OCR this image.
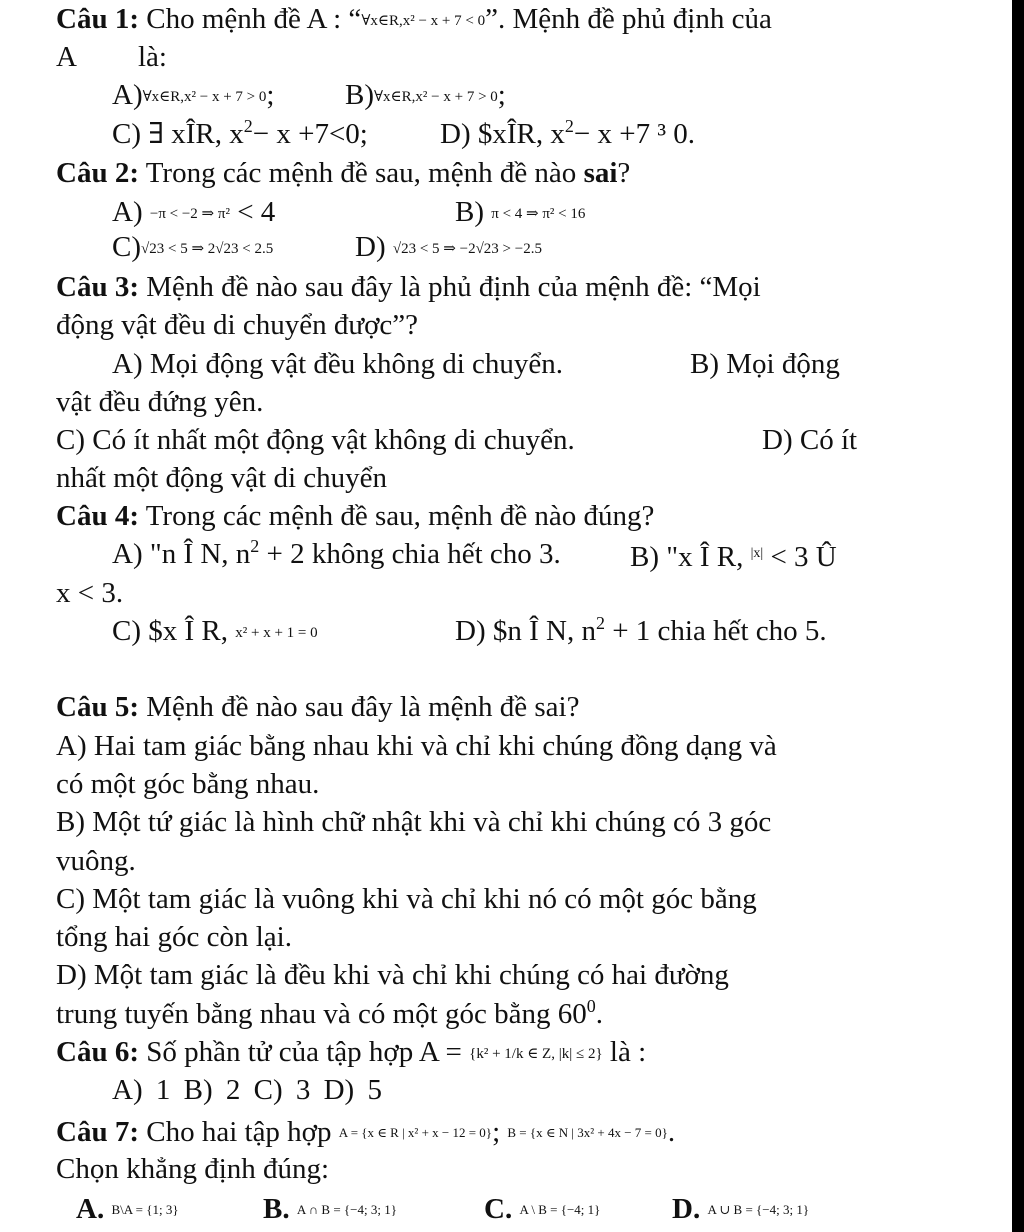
Câu 1: Cho mệnh đề A : “∀x∈R,x² − x + 7 < 0”. Mệnh đề phủ định của
A là:
A)∀x∈R,x² − x + 7 > 0; B)∀x∈R,x² − x + 7 > 0;
C) ∃ xÎR, $x^2- x +7<0$; D) $xÎR, $x^2- x +7$ ³ 0.
Câu 2: Trong các mệnh đề sau, mệnh đề nào sai?
A) −π < −2 ⇒ π² < 4	B) π < 4 ⇒ π² < 16
C)√23 < 5 ⇒ 2√23 < 2.5	D) √23 < 5 ⇒ −2√23 > −2.5
Câu 3: Mệnh đề nào sau đây là phủ định của mệnh đề: “Mọi
động vật đều di chuyển được”?
A) Mọi động vật đều không di chuyển.	B) Mọi động
vật đều đứng yên.
C) Có ít nhất một động vật không di chuyển.	D) Có ít
nhất một động vật di chuyển
Câu 4: Trong các mệnh đề sau, mệnh đề nào đúng?
A) "n Î N, $n^2 + 2$ không chia hết cho 3. B) "x Î R, $^{|x|}$ < 3 Û
x < 3.
C) $x Î R, x² + x + 1 = 0	D) $n Î N, $n^2 + 1$ chia hết cho 5.
Câu 5: Mệnh đề nào sau đây là mệnh đề sai?
A) Hai tam giác bằng nhau khi và chỉ khi chúng đồng dạng và
có một góc bằng nhau.
B) Một tứ giác là hình chữ nhật khi và chỉ khi chúng có 3 góc
vuông.
C) Một tam giác là vuông khi và chỉ khi nó có một góc bằng
tổng hai góc còn lại.
D) Một tam giác là đều khi và chỉ khi chúng có hai đường
trung tuyến bằng nhau và có một góc bằng $60^0$.
Câu 6: Số phần tử của tập hợp A = {k² + 1/k ∈ Z, |k| ≤ 2} là :
A) 1 B) 2 C) 3 D) 5
Câu 7: Cho hai tập hợp A = {x ∈ R | x² + x − 12 = 0}; B = {x ∈ N | 3x² + 4x − 7 = 0}.
Chọn khẳng định đúng:
A. B\A = {1; 3}	B. A ∩ B = {−4; 3; 1}	C. A \ B = {−4; 1} D. A ∪ B = {−4; 3; 1}
